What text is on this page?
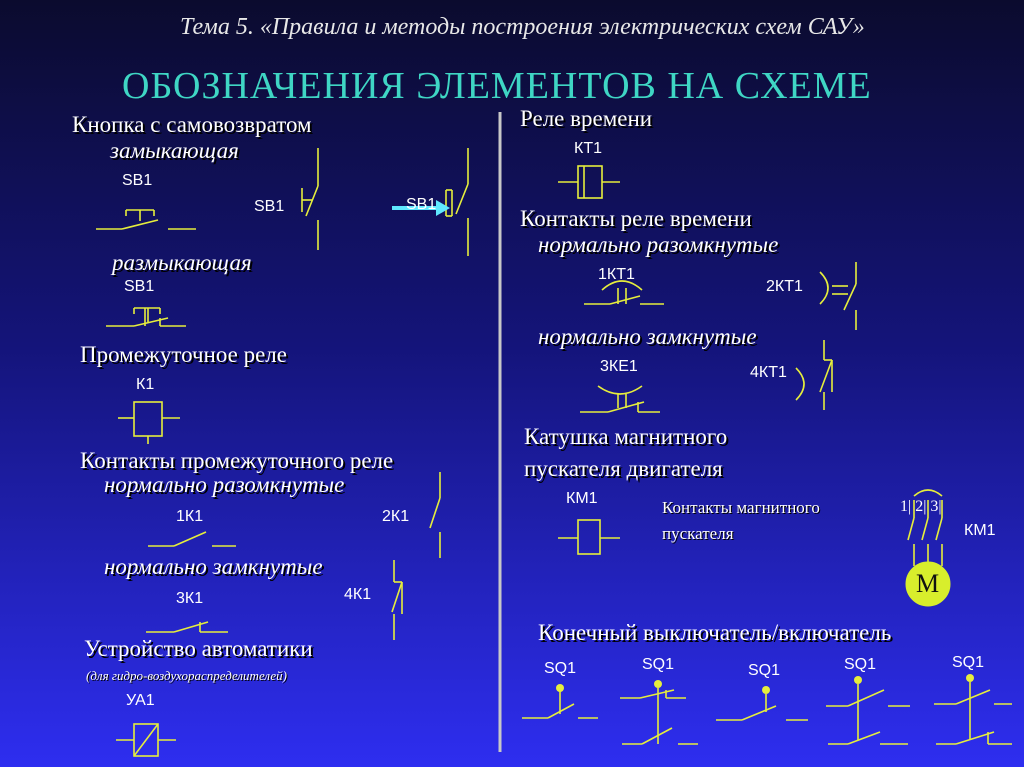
Тема 5. «Правила и методы построения электрических схем САУ»
ОБОЗНАЧЕНИЯ ЭЛЕМЕНТОВ НА СХЕМЕ
Кнопка с самовозвратом
замыкающая
SB1
SB1	SB1
размыкающая
SB1
Промежуточное реле
К1
Контакты промежуточного реле
нормально разомкнутые
1К1	2К1
нормально замкнутые
3К1	4К1
Устройство автоматики
(для гидро-воздухораспределителей)
УА1
Реле времени
КТ1
Контакты реле времени
нормально разомкнутые
1КТ1
2КТ1
нормально замкнутые
3КЕ1	4КТ1
Катушка магнитного
пускателя двигателя
КМ1	Контакты магнитного
пускателя
1| 2| 3|
КМ1
М
Конечный выключатель/включатель
SQ1	SQ1	SQ1	SQ1	SQ1
